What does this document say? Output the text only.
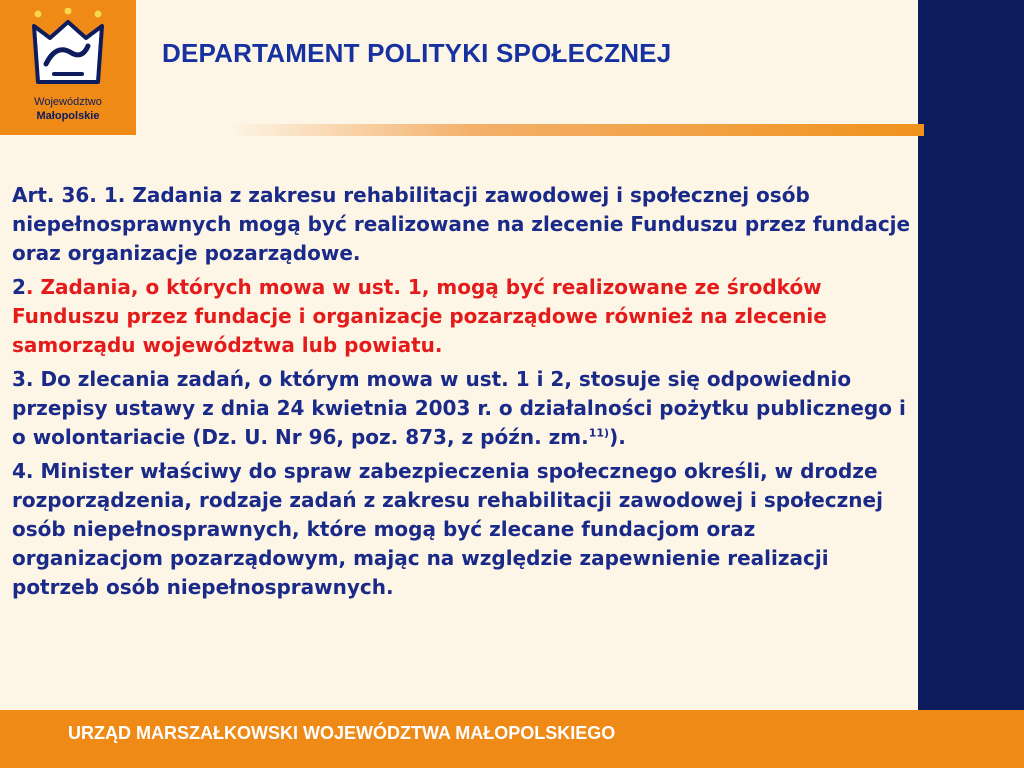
Województwo
Małopolskie
DEPARTAMENT POLITYKI SPOŁECZNEJ

Art. 36. 1. Zadania z zakresu rehabilitacji zawodowej i społecznej osób niepełnosprawnych mogą być realizowane na zlecenie Funduszu przez fundacje oraz organizacje pozarządowe.

2. Zadania, o których mowa w ust. 1, mogą być realizowane ze środków Funduszu przez fundacje i organizacje pozarządowe również na zlecenie samorządu województwa lub powiatu.

3. Do zlecania zadań, o którym mowa w ust. 1 i 2, stosuje się odpowiednio przepisy ustawy z dnia 24 kwietnia 2003 r. o działalności pożytku publicznego i o wolontariacie (Dz. U. Nr 96, poz. 873, z późn. zm.$^{11)}$).

4. Minister właściwy do spraw zabezpieczenia społecznego określi, w drodze rozporządzenia, rodzaje zadań z zakresu rehabilitacji zawodowej i społecznej osób niepełnosprawnych, które mogą być zlecane fundacjom oraz organizacjom pozarządowym, mając na względzie zapewnienie realizacji potrzeb osób niepełnosprawnych.

URZĄD MARSZAŁKOWSKI WOJEWÓDZTWA MAŁOPOLSKIEGO
